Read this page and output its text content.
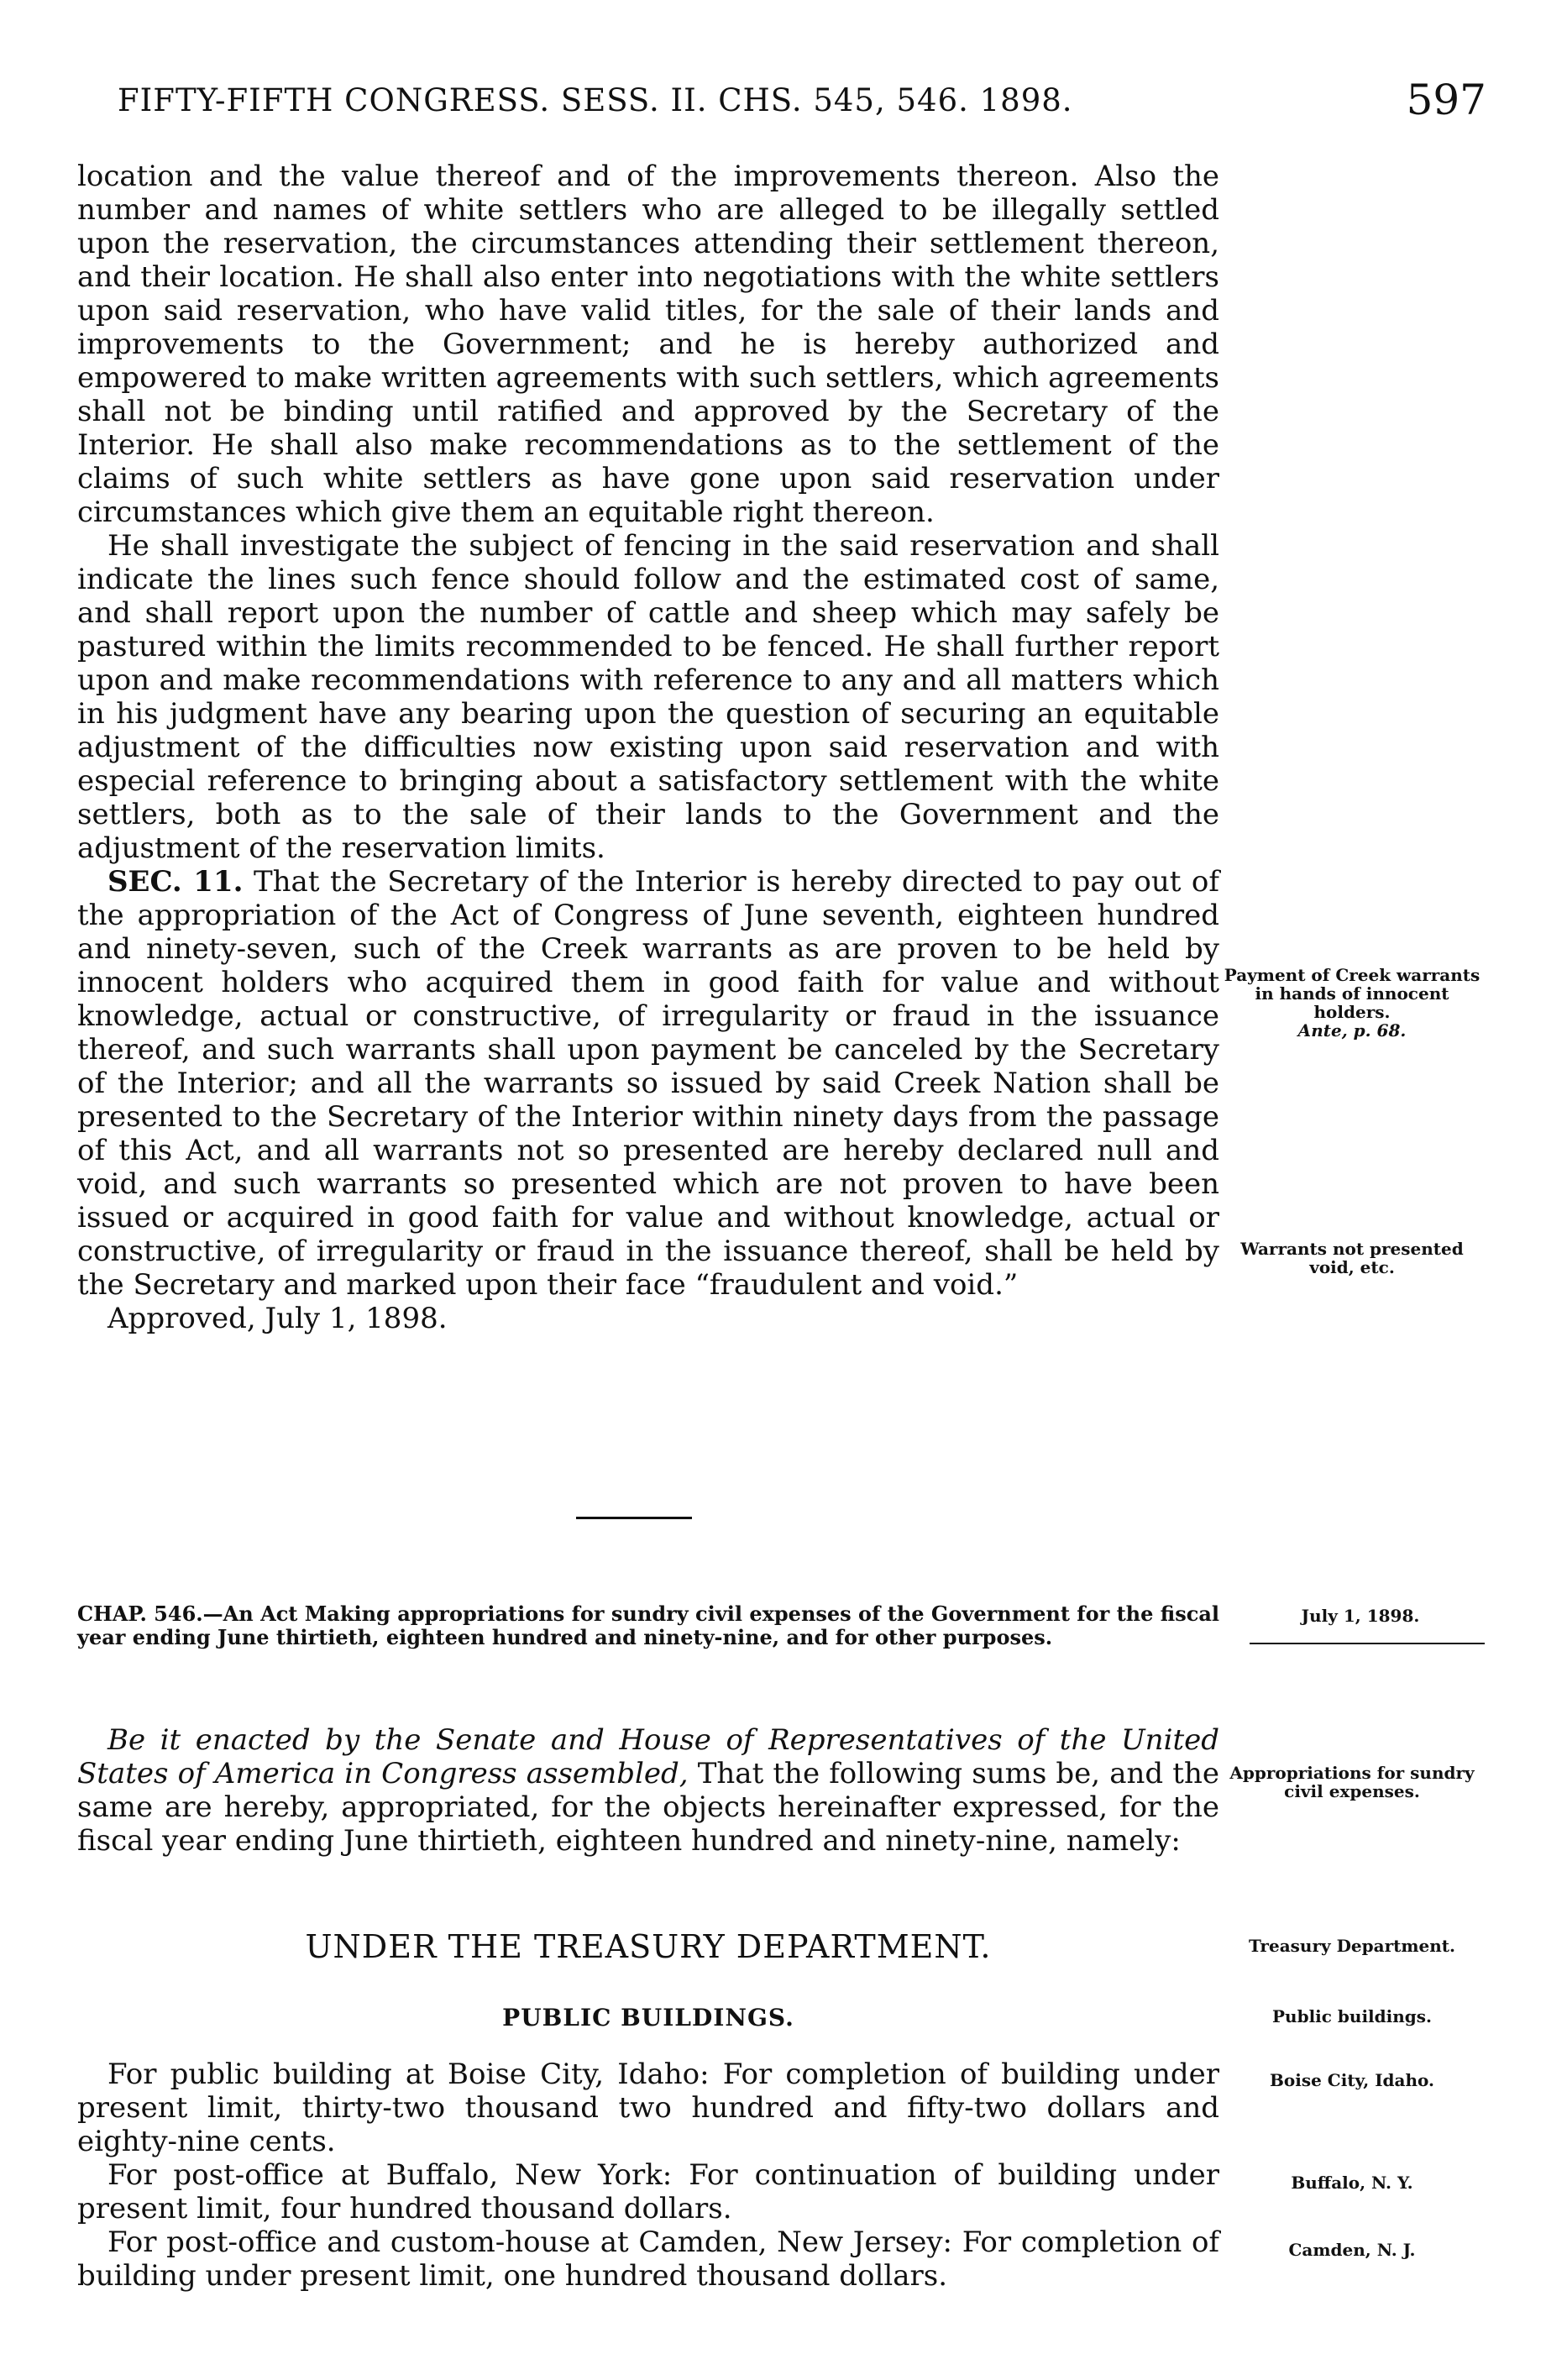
FIFTY-FIFTH CONGRESS. SESS. II. CHS. 545, 546. 1898.	597

location and the value thereof and of the improvements thereon. Also the number and names of white settlers who are alleged to be illegally settled upon the reservation, the circumstances attending their settlement thereon, and their location. He shall also enter into negotiations with the white settlers upon said reservation, who have valid titles, for the sale of their lands and improvements to the Government; and he is hereby authorized and empowered to make written agreements with such settlers, which agreements shall not be binding until ratified and approved by the Secretary of the Interior. He shall also make recommendations as to the settlement of the claims of such white settlers as have gone upon said reservation under circumstances which give them an equitable right thereon.

He shall investigate the subject of fencing in the said reservation and shall indicate the lines such fence should follow and the estimated cost of same, and shall report upon the number of cattle and sheep which may safely be pastured within the limits recommended to be fenced. He shall further report upon and make recommendations with reference to any and all matters which in his judgment have any bearing upon the question of securing an equitable adjustment of the difficulties now existing upon said reservation and with especial reference to bringing about a satisfactory settlement with the white settlers, both as to the sale of their lands to the Government and the adjustment of the reservation limits.

SEC. 11. That the Secretary of the Interior is hereby directed to pay out of the appropriation of the Act of Congress of June seventh, eighteen hundred and ninety-seven, such of the Creek warrants as are proven to be held by innocent holders who acquired them in good faith for value and without knowledge, actual or constructive, of irregularity or fraud in the issuance thereof, and such warrants shall upon payment be canceled by the Secretary of the Interior; and all the warrants so issued by said Creek Nation shall be presented to the Secretary of the Interior within ninety days from the passage of this Act, and all warrants not so presented are hereby declared null and void, and such warrants so presented which are not proven to have been issued or acquired in good faith for value and without knowledge, actual or constructive, of irregularity or fraud in the issuance thereof, shall be held by the Secretary and marked upon their face “fraudulent and void.”

Approved, July 1, 1898.

Payment of Creek warrants in hands of innocent holders.
Ante, p. 68.
Warrants not presented void, etc.
CHAP. 546.—An Act Making appropriations for sundry civil expenses of the Government for the fiscal year ending June thirtieth, eighteen hundred and ninety-nine, and for other purposes.
July 1, 1898.

Be it enacted by the Senate and House of Representatives of the United States of America in Congress assembled, That the following sums be, and the same are hereby, appropriated, for the objects hereinafter expressed, for the fiscal year ending June thirtieth, eighteen hundred and ninety-nine, namely:

Appropriations for sundry civil expenses.
UNDER THE TREASURY DEPARTMENT.	Treasury Department.
PUBLIC BUILDINGS.	Public buildings.

For public building at Boise City, Idaho: For completion of building under present limit, thirty-two thousand two hundred and fifty-two dollars and eighty-nine cents.

For post-office at Buffalo, New York: For continuation of building under present limit, four hundred thousand dollars.

For post-office and custom-house at Camden, New Jersey: For completion of building under present limit, one hundred thousand dollars.

Boise City, Idaho.
Buffalo, N. Y.
Camden, N. J.
